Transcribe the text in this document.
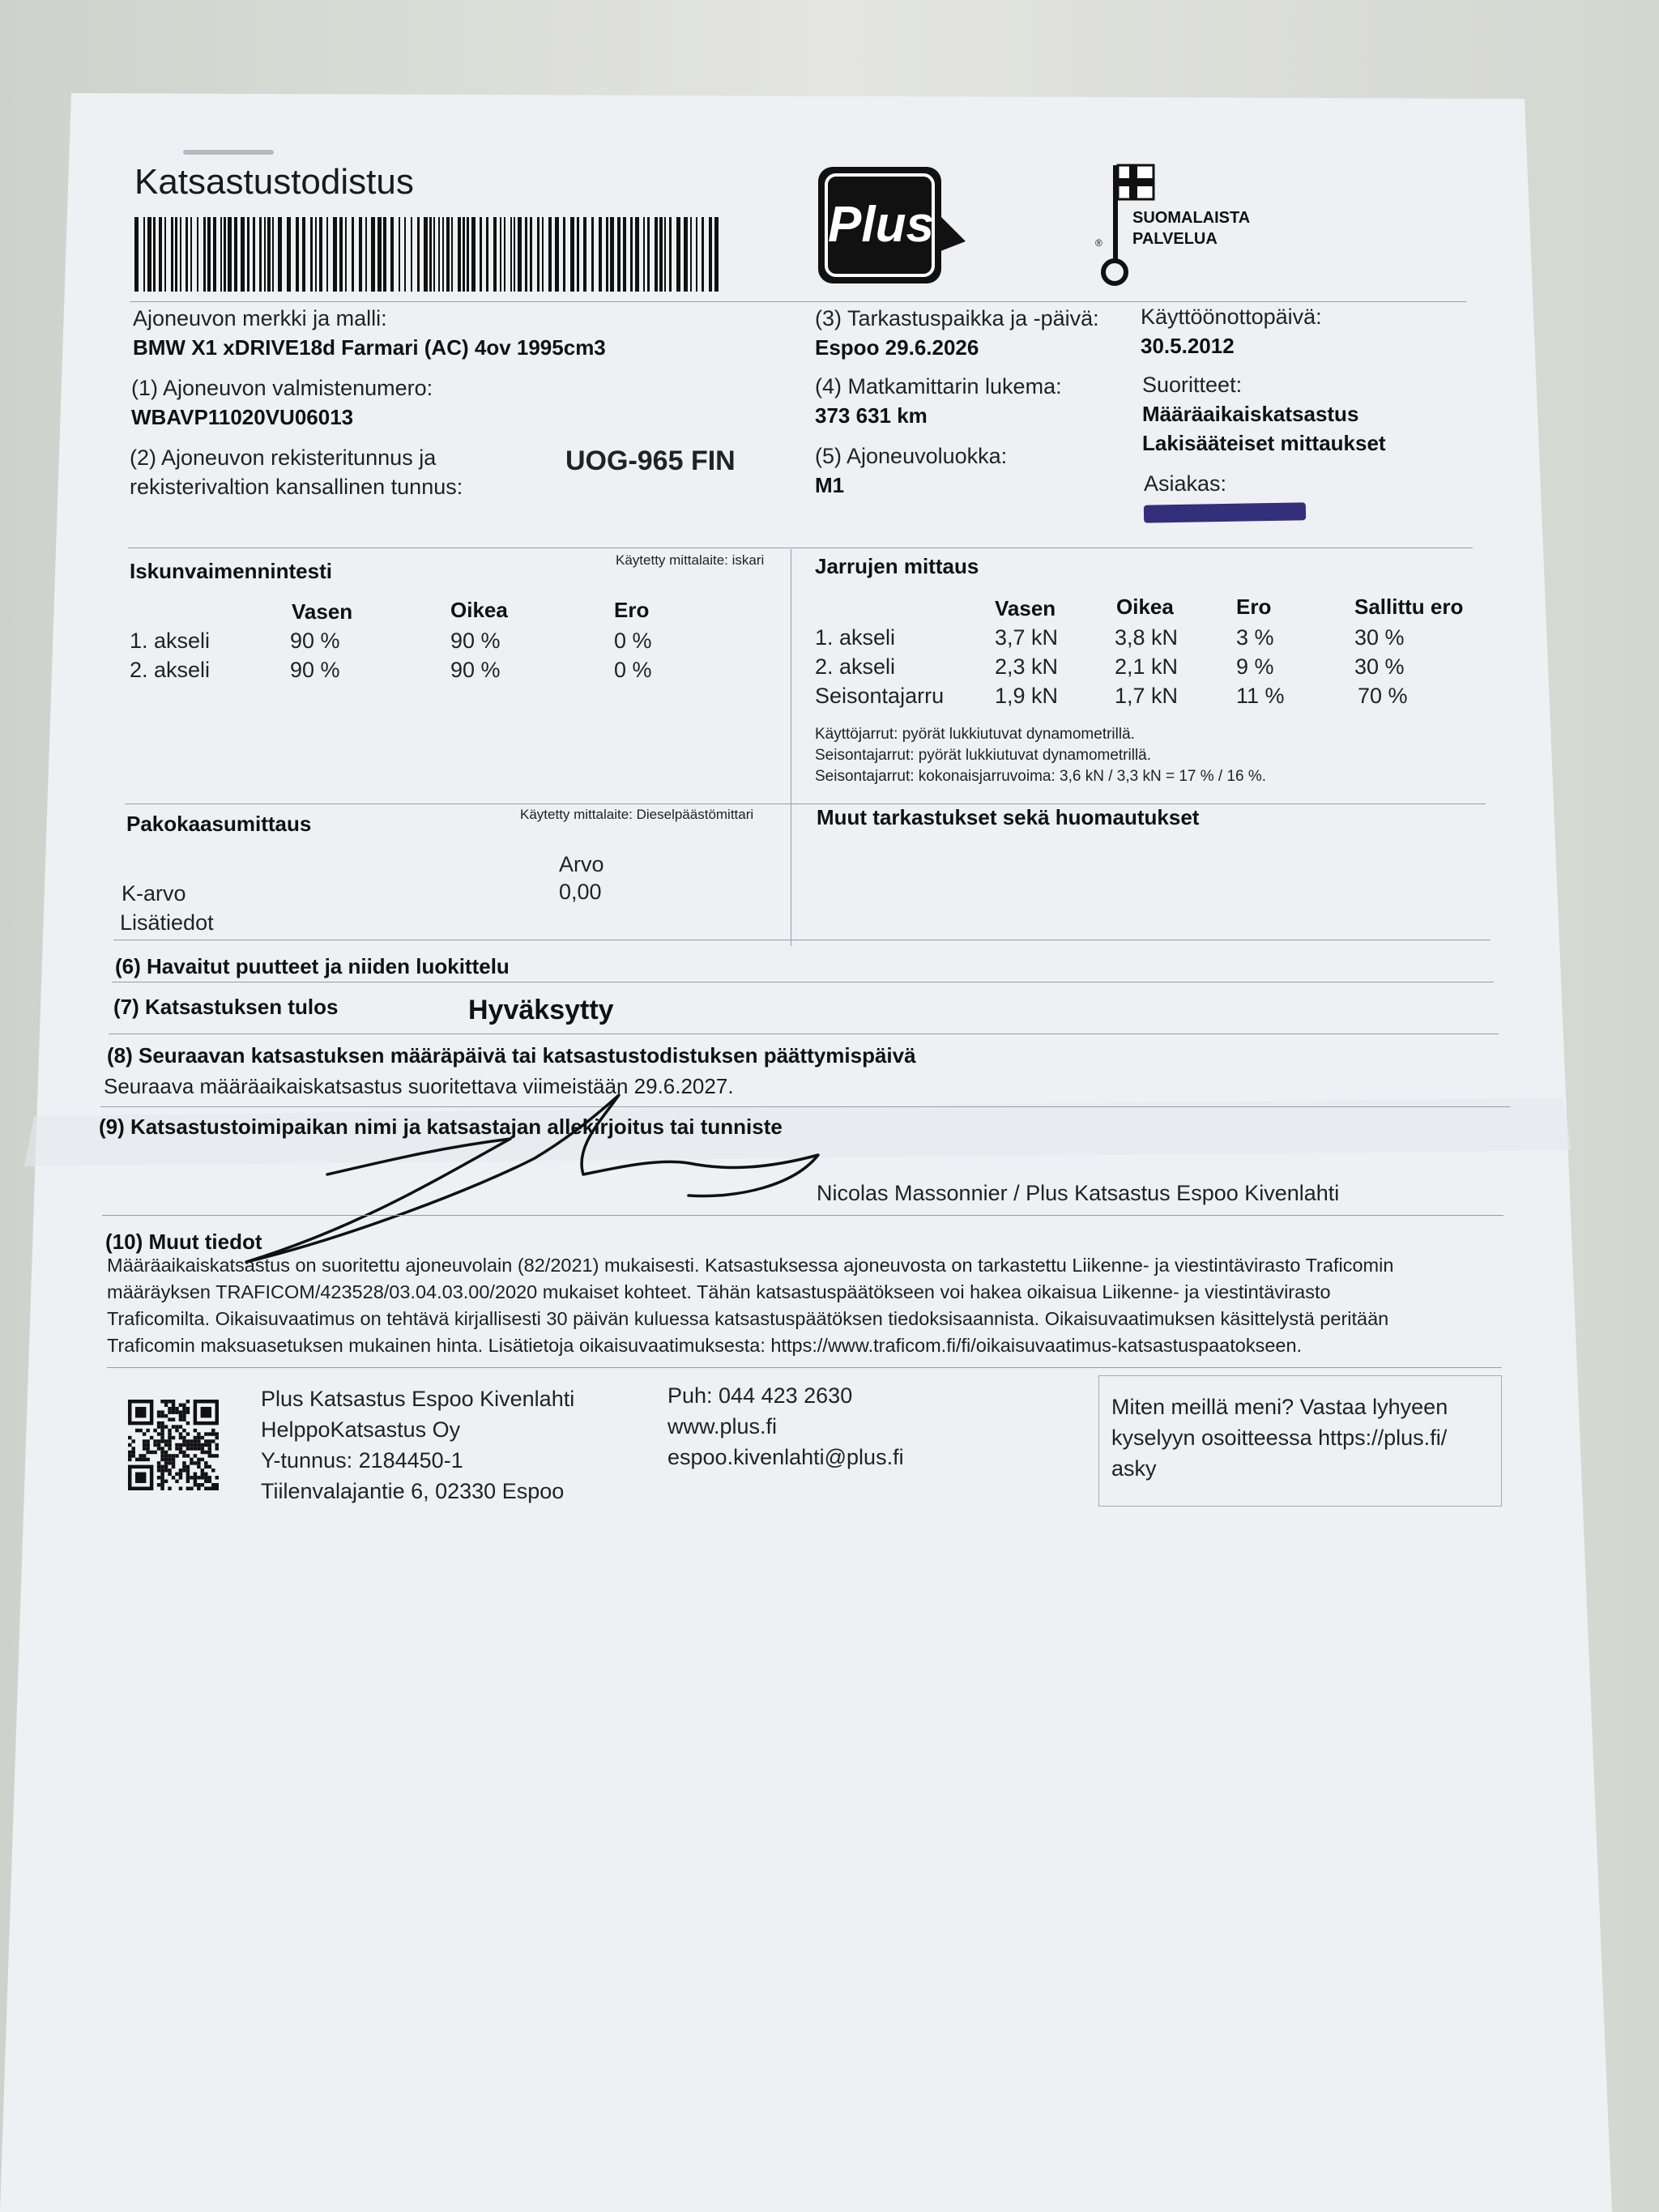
Katsastustodistus
Plus	®
SUOMALAISTA
PALVELUA
Ajoneuvon merkki ja malli:
BMW X1 xDRIVE18d Farmari (AC) 4ov 1995cm3
(1) Ajoneuvon valmistenumero:
WBAVP11020VU06013
(2) Ajoneuvon rekisteritunnus ja
rekisterivaltion kansallinen tunnus:
UOG-965 FIN
(3) Tarkastuspaikka ja -päivä:
Espoo 29.6.2026
(4) Matkamittarin lukema:
373 631 km
(5) Ajoneuvoluokka:
M1
Käyttöönottopäivä:
30.5.2012
Suoritteet:
Määräaikaiskatsastus
Lakisääteiset mittaukset
Asiakas:
Iskunvaimennintesti	Käytetty mittalaite: iskari
Vasen	Oikea	Ero
1. akseli	90 %	90 %	0 %
2. akseli	90 %	90 %	0 %
Jarrujen mittaus
Vasen	Oikea	Ero	Sallittu ero
1. akseli	3,7 kN	3,8 kN	3 %	30 %
2. akseli	2,3 kN	2,1 kN	9 %	30 %
Seisontajarru 1,9 kN	1,7 kN	11 %	70 %
Käyttöjarrut: pyörät lukkiutuvat dynamometrillä.
Seisontajarrut: pyörät lukkiutuvat dynamometrillä.
Seisontajarrut: kokonaisjarruvoima: 3,6 kN / 3,3 kN = 17 % / 16 %.
Pakokaasumittaus	Käytetty mittalaite: Dieselpäästömittari
Arvo
K-arvo	0,00
Lisätiedot
Muut tarkastukset sekä huomautukset
(6) Havaitut puutteet ja niiden luokittelu
(7) Katsastuksen tulos	Hyväksytty
(8) Seuraavan katsastuksen määräpäivä tai katsastustodistuksen päättymispäivä
Seuraava määräaikaiskatsastus suoritettava viimeistään 29.6.2027.
(9) Katsastustoimipaikan nimi ja katsastajan allekirjoitus tai tunniste
Nicolas Massonnier / Plus Katsastus Espoo Kivenlahti
(10) Muut tiedot
Määräaikaiskatsastus on suoritettu ajoneuvolain (82/2021) mukaisesti. Katsastuksessa ajoneuvosta on tarkastettu Liikenne- ja viestintävirasto Traficomin
määräyksen TRAFICOM/423528/03.04.03.00/2020 mukaiset kohteet. Tähän katsastuspäätökseen voi hakea oikaisua Liikenne- ja viestintävirasto
Traficomilta. Oikaisuvaatimus on tehtävä kirjallisesti 30 päivän kuluessa katsastuspäätöksen tiedoksisaannista. Oikaisuvaatimuksen käsittelystä peritään
Traficomin maksuasetuksen mukainen hinta. Lisätietoja oikaisuvaatimuksesta: https://www.traficom.fi/fi/oikaisuvaatimus-katsastuspaatokseen.
Plus Katsastus Espoo Kivenlahti
HelppoKatsastus Oy
Y-tunnus: 2184450-1
Tiilenvalajantie 6, 02330 Espoo
Puh: 044 423 2630
www.plus.fi
espoo.kivenlahti@plus.fi
Miten meillä meni? Vastaa lyhyeen
kyselyyn osoitteessa https://plus.fi/
asky
